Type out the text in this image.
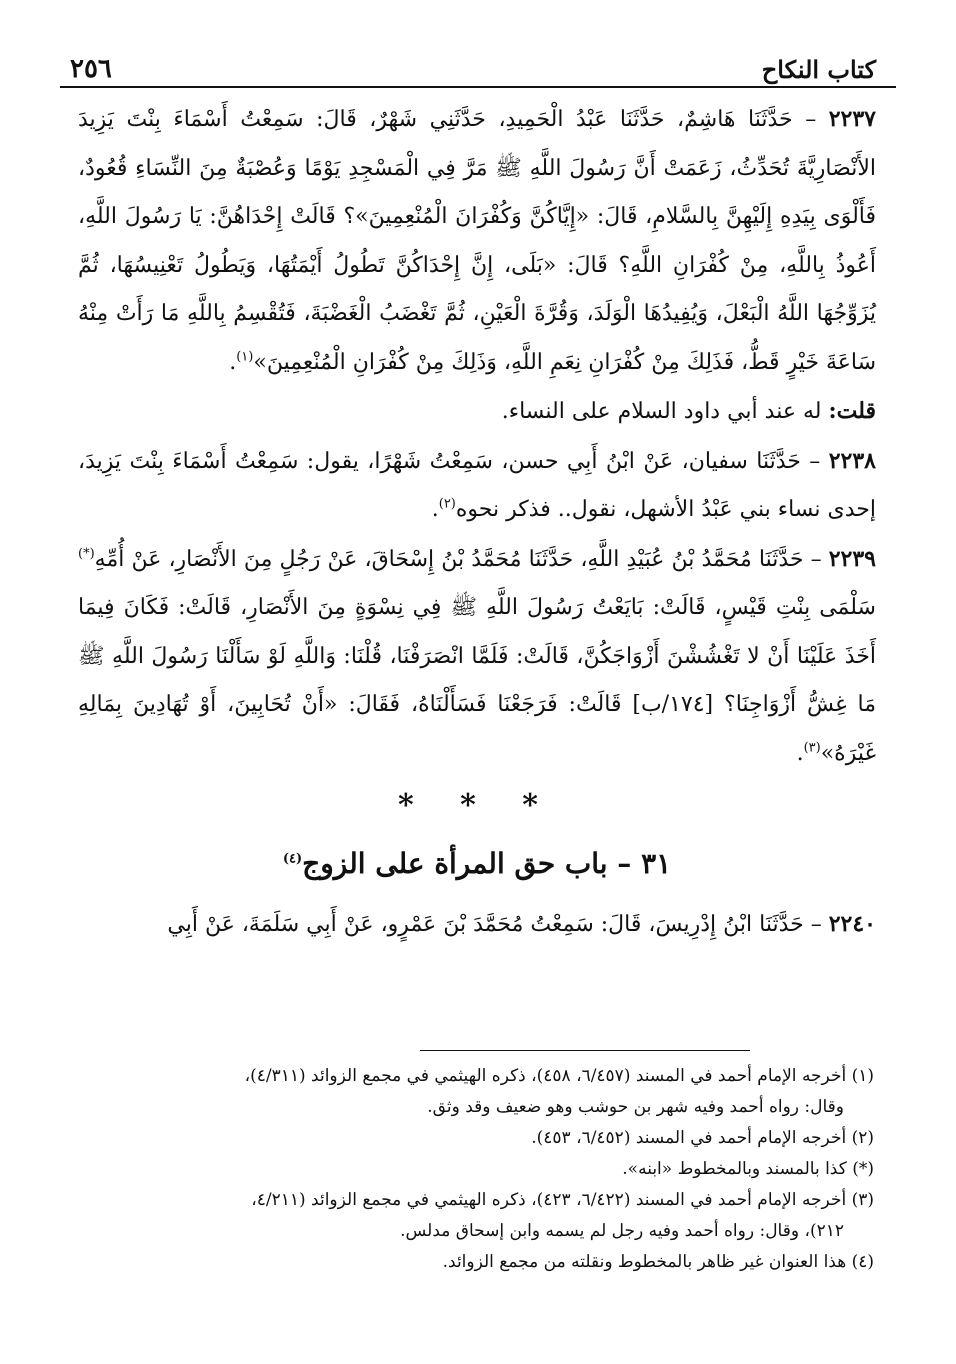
كتاب النكاح
٢٥٦

٢٢٣٧ – حَدَّثَنَا هَاشِمٌ، حَدَّثَنَا عَبْدُ الْحَمِيدِ، حَدَّثَنِي شَهْرٌ، قَالَ: سَمِعْتُ أَسْمَاءَ بِنْتَ يَزِيدَ الأَنْصَارِيَّةَ تُحَدِّثُ، زَعَمَتْ أَنَّ رَسُولَ اللَّهِ ﷺ مَرَّ فِي الْمَسْجِدِ يَوْمًا وَعُصْبَةٌ مِنَ النِّسَاءِ قُعُودٌ، فَأَلْوَى بِيَدِهِ إِلَيْهِنَّ بِالسَّلامِ، قَالَ: «إِيَّاكُنَّ وَكُفْرَانَ الْمُنْعِمِينَ»؟ قَالَتْ إِحْدَاهُنَّ: يَا رَسُولَ اللَّهِ، أَعُوذُ بِاللَّهِ، مِنْ كُفْرَانِ اللَّهِ؟ قَالَ: «بَلَى، إِنَّ إِحْدَاكُنَّ تَطُولُ أَيْمَتُهَا، وَيَطُولُ تَعْنِيسُهَا، ثُمَّ يُزَوِّجُهَا اللَّهُ الْبَعْلَ، وَيُفِيدُهَا الْوَلَدَ، وَقُرَّةَ الْعَيْنِ، ثُمَّ تَغْضَبُ الْغَضْبَةَ، فَتُقْسِمُ بِاللَّهِ مَا رَأَتْ مِنْهُ سَاعَةَ خَيْرٍ قَطُّ، فَذَلِكَ مِنْ كُفْرَانِ نِعَمِ اللَّهِ، وَذَلِكَ مِنْ كُفْرَانِ الْمُنْعِمِينَ»$^{(١)}$.

قلت: له عند أبي داود السلام على النساء.

٢٢٣٨ – حَدَّثَنَا سفيان، عَنْ ابْنُ أَبِي حسن، سَمِعْتُ شَهْرًا، يقول: سَمِعْتُ أَسْمَاءَ بِنْتَ يَزِيدَ، إحدى نساء بني عَبْدُ الأشهل، نقول.. فذكر نحوه$^{(٢)}$.

٢٢٣٩ – حَدَّثَنَا مُحَمَّدُ بْنُ عُبَيْدِ اللَّهِ، حَدَّثَنَا مُحَمَّدُ بْنُ إِسْحَاقَ، عَنْ رَجُلٍ مِنَ الأَنْصَارِ، عَنْ أُمِّهِ(*) سَلْمَى بِنْتِ قَيْسٍ، قَالَتْ: بَايَعْتُ رَسُولَ اللَّهِ ﷺ فِي نِسْوَةٍ مِنَ الأَنْصَارِ، قَالَتْ: فَكَانَ فِيمَا أَخَذَ عَلَيْنَا أَنْ لا تَغْشُشْنَ أَزْوَاجَكُنَّ، قَالَتْ: فَلَمَّا انْصَرَفْنَا، قُلْنَا: وَاللَّهِ لَوْ سَأَلْنَا رَسُولَ اللَّهِ ﷺ مَا غِشُّ أَزْوَاجِنَا؟ [١٧٤/ب] قَالَتْ: فَرَجَعْنَا فَسَأَلْنَاهُ، فَقَالَ: «أَنْ تُحَابِينَ، أَوْ تُهَادِينَ بِمَالِهِ غَيْرَهُ»$^{(٣)}$.

* * *
٣١ – باب حق المرأة على الزوج$^{(٤)}$

٢٢٤٠ – حَدَّثَنَا ابْنُ إِدْرِيسَ، قَالَ: سَمِعْتُ مُحَمَّدَ بْنَ عَمْرٍو، عَنْ أَبِي سَلَمَةَ، عَنْ أَبِي

(١) أخرجه الإمام أحمد في المسند (٦/٤٥٧، ٤٥٨)، ذكره الهيثمي في مجمع الزوائد (٤/٣١١)،

وقال: رواه أحمد وفيه شهر بن حوشب وهو ضعيف وقد وثق.

(٢) أخرجه الإمام أحمد في المسند (٦/٤٥٢، ٤٥٣).

(*) كذا بالمسند وبالمخطوط «ابنه».

(٣) أخرجه الإمام أحمد في المسند (٦/٤٢٢، ٤٢٣)، ذكره الهيثمي في مجمع الزوائد (٤/٢١١،

٢١٢)، وقال: رواه أحمد وفيه رجل لم يسمه وابن إسحاق مدلس.

(٤) هذا العنوان غير ظاهر بالمخطوط ونقلته من مجمع الزوائد.
